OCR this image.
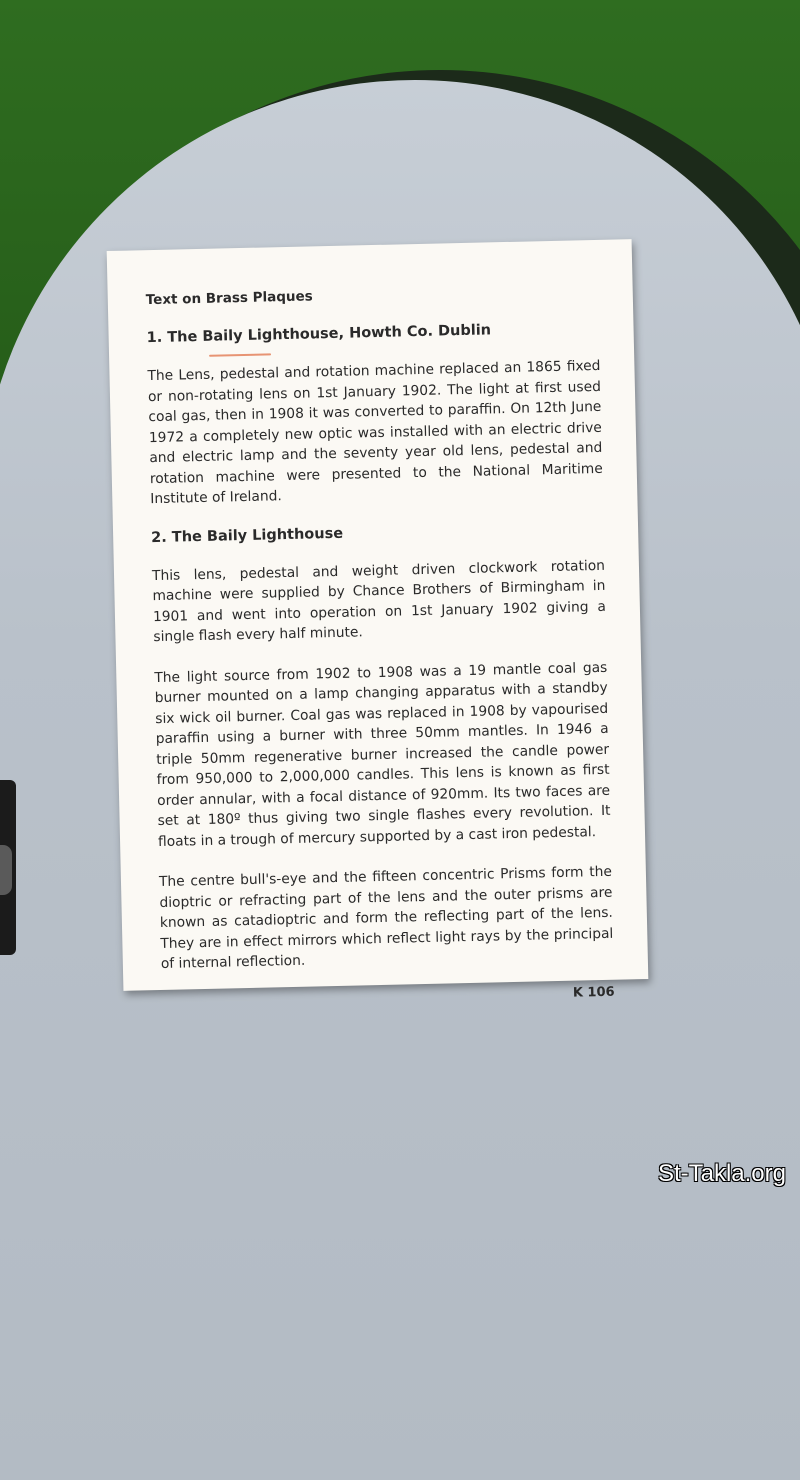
Text on Brass Plaques
1. The Baily Lighthouse, Howth Co. Dublin

The Lens, pedestal and rotation machine replaced an 1865 fixed or non-rotating lens on 1st January 1902. The light at first used coal gas, then in 1908 it was converted to paraffin. On 12th June 1972 a completely new optic was installed with an electric drive and electric lamp and the seventy year old lens, pedestal and rotation machine were presented to the National Maritime Institute of Ireland.

2. The Baily Lighthouse

This lens, pedestal and weight driven clockwork rotation machine were supplied by Chance Brothers of Birmingham in 1901 and went into operation on 1st January 1902 giving a single flash every half minute.

The light source from 1902 to 1908 was a 19 mantle coal gas burner mounted on a lamp changing apparatus with a standby six wick oil burner. Coal gas was replaced in 1908 by vapourised paraffin using a burner with three 50mm mantles. In 1946 a triple 50mm regenerative burner increased the candle power from 950,000 to 2,000,000 candles. This lens is known as first order annular, with a focal distance of 920mm. Its two faces are set at 180º thus giving two single flashes every revolution. It floats in a trough of mercury supported by a cast iron pedestal.

The centre bull's-eye and the fifteen concentric Prisms form the dioptric or refracting part of the lens and the outer prisms are known as catadioptric and form the reflecting part of the lens. They are in effect mirrors which reflect light rays by the principal of internal reflection.

K 106
St-Takla.org
